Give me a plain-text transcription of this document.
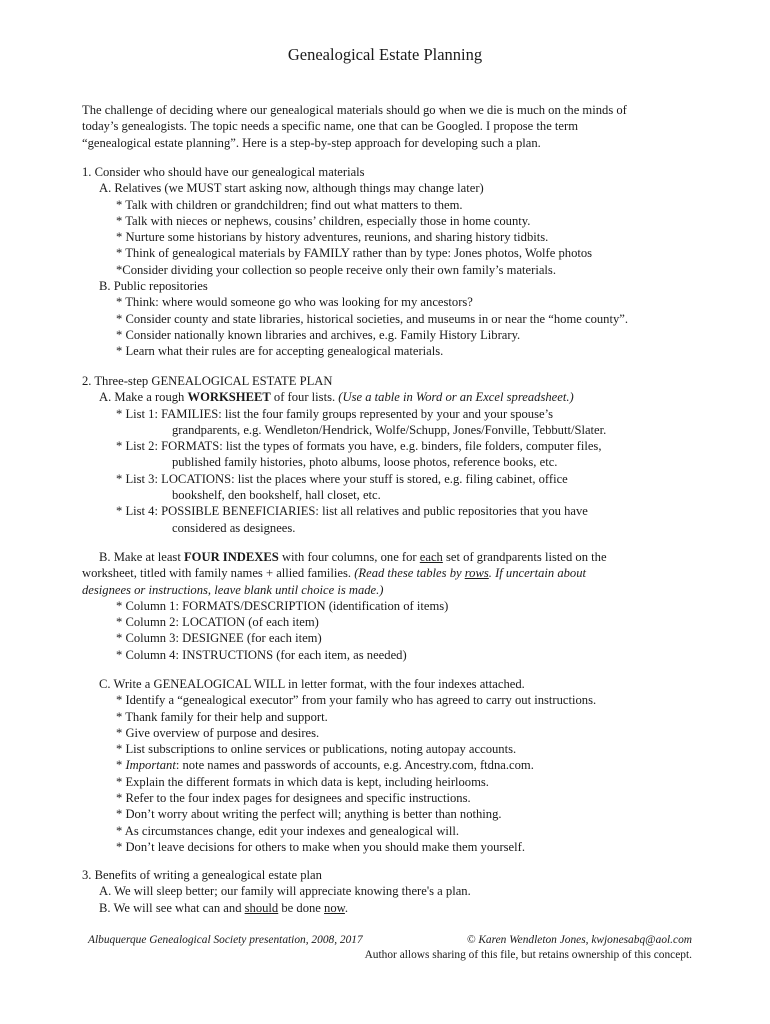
Genealogical Estate Planning
The challenge of deciding where our genealogical materials should go when we die is much on the minds of
today’s genealogists. The topic needs a specific name, one that can be Googled. I propose the term
“genealogical estate planning”. Here is a step-by-step approach for developing such a plan.
1. Consider who should have our genealogical materials
A. Relatives (we MUST start asking now, although things may change later)
* Talk with children or grandchildren; find out what matters to them.
* Talk with nieces or nephews, cousins’ children, especially those in home county.
* Nurture some historians by history adventures, reunions, and sharing history tidbits.
* Think of genealogical materials by FAMILY rather than by type: Jones photos, Wolfe photos
*Consider dividing your collection so people receive only their own family’s materials.
B. Public repositories
* Think: where would someone go who was looking for my ancestors?
* Consider county and state libraries, historical societies, and museums in or near the “home county”.
* Consider nationally known libraries and archives, e.g. Family History Library.
* Learn what their rules are for accepting genealogical materials.
2. Three-step GENEALOGICAL ESTATE PLAN
A. Make a rough WORKSHEET of four lists. (Use a table in Word or an Excel spreadsheet.)
* List 1: FAMILIES: list the four family groups represented by your and your spouse’s
grandparents, e.g. Wendleton/Hendrick, Wolfe/Schupp, Jones/Fonville, Tebbutt/Slater.
* List 2: FORMATS: list the types of formats you have, e.g. binders, file folders, computer files,
published family histories, photo albums, loose photos, reference books, etc.
* List 3: LOCATIONS: list the places where your stuff is stored, e.g. filing cabinet, office
bookshelf, den bookshelf, hall closet, etc.
* List 4: POSSIBLE BENEFICIARIES: list all relatives and public repositories that you have
considered as designees.
B. Make at least FOUR INDEXES with four columns, one for each set of grandparents listed on the
worksheet, titled with family names + allied families. (Read these tables by rows. If uncertain about
designees or instructions, leave blank until choice is made.)
* Column 1: FORMATS/DESCRIPTION (identification of items)
* Column 2: LOCATION (of each item)
* Column 3: DESIGNEE (for each item)
* Column 4: INSTRUCTIONS (for each item, as needed)
C. Write a GENEALOGICAL WILL in letter format, with the four indexes attached.
* Identify a “genealogical executor” from your family who has agreed to carry out instructions.
* Thank family for their help and support.
* Give overview of purpose and desires.
* List subscriptions to online services or publications, noting autopay accounts.
* Important: note names and passwords of accounts, e.g. Ancestry.com, ftdna.com.
* Explain the different formats in which data is kept, including heirlooms.
* Refer to the four index pages for designees and specific instructions.
* Don’t worry about writing the perfect will; anything is better than nothing.
* As circumstances change, edit your indexes and genealogical will.
* Don’t leave decisions for others to make when you should make them yourself.
3. Benefits of writing a genealogical estate plan
A. We will sleep better; our family will appreciate knowing there's a plan.
B. We will see what can and should be done now.
Albuquerque Genealogical Society presentation, 2008, 2017	© Karen Wendleton Jones, kwjonesabq@aol.com
Author allows sharing of this file, but retains ownership of this concept.
